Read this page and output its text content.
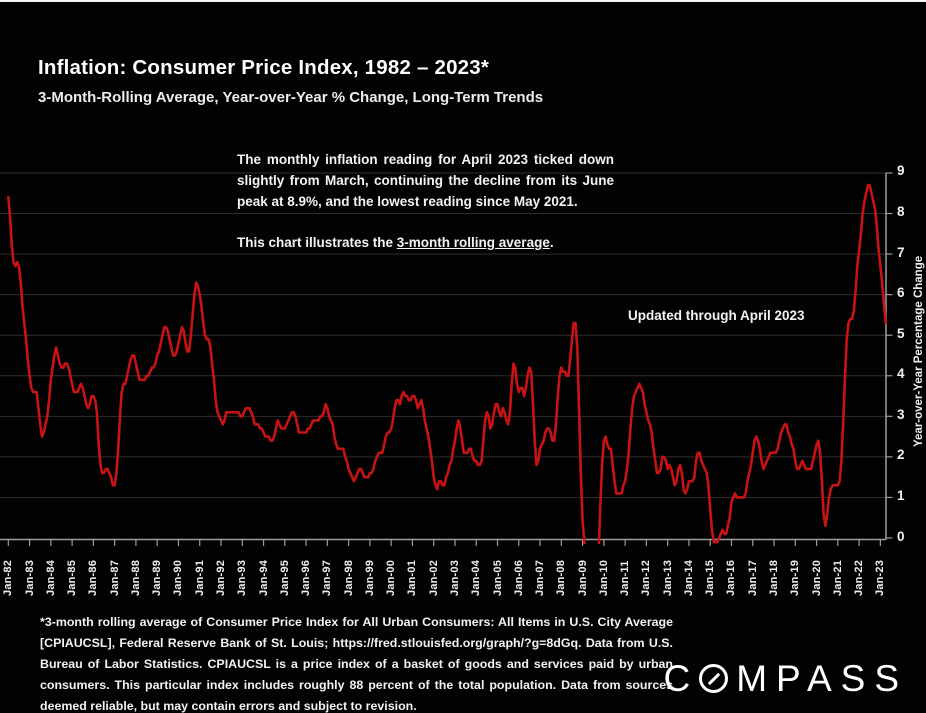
Inflation: Consumer Price Index, 1982 – 2023*
3-Month-Rolling Average, Year-over-Year % Change, Long-Term Trends
0
1
2
3
4
5
6
7
8
9
Jan-82 Jan-83 Jan-84 Jan-85 Jan-86 Jan-87 Jan-88 Jan-89 Jan-90 Jan-91 Jan-92 Jan-93 Jan-94 Jan-95 Jan-96 Jan-97 Jan-98 Jan-99 Jan-00 Jan-01 Jan-02 Jan-03 Jan-04 Jan-05 Jan-06 Jan-07 Jan-08 Jan-09 Jan-10 Jan-11 Jan-12 Jan-13 Jan-14 Jan-15 Jan-16 Jan-17 Jan-18 Jan-19 Jan-20 Jan-21 Jan-22 Jan-23
The monthly inflation reading for April 2023 ticked down slightly from March, continuing the decline from its June peak at 8.9%, and the lowest reading since May 2021.
This chart illustrates the 3-month rolling average.
Updated through April 2023	Year-over-Year Percentage Change
*3-month rolling average of Consumer Price Index for All Urban Consumers: All Items in U.S. City Average [CPIAUCSL], Federal Reserve Bank of St. Louis; https://fred.stlouisfed.org/graph/?g=8dGq. Data from U.S. Bureau of Labor Statistics. CPIAUCSL is a price index of a basket of goods and services paid by urban consumers. This particular index includes roughly 88 percent of the total population. Data from sources deemed reliable, but may contain errors and subject to revision.
C MPASS
